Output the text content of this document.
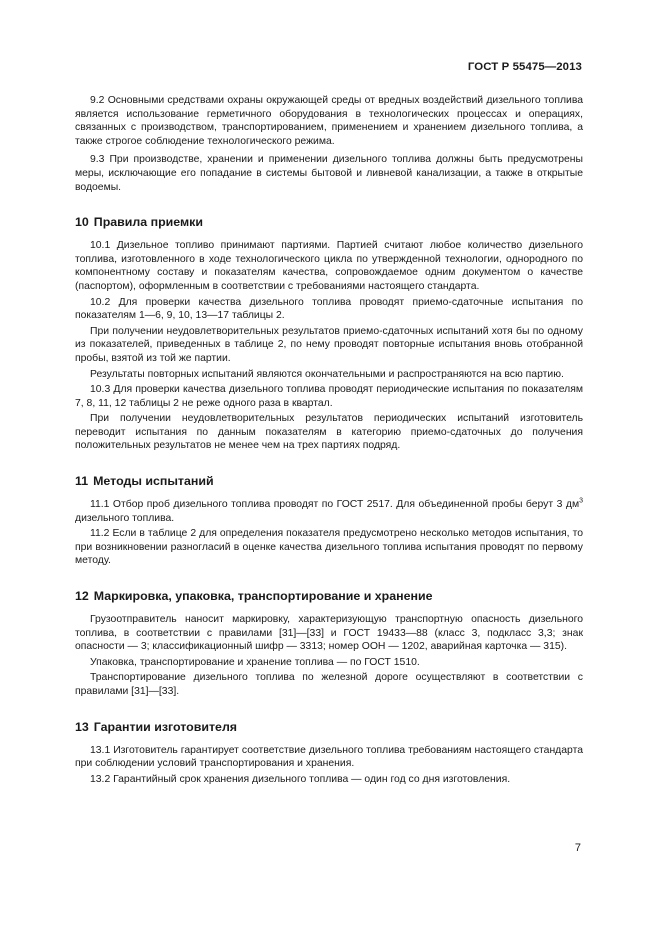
ГОСТ Р 55475—2013

9.2 Основными средствами охраны окружающей среды от вредных воздействий дизельного топлива является использование герметичного оборудования в технологических процессах и операциях, связанных с производством, транспортированием, применением и хранением дизельного топлива, а также строгое соблюдение технологического режима.

9.3 При производстве, хранении и применении дизельного топлива должны быть предусмотрены меры, исключающие его попадание в системы бытовой и ливневой канализации, а также в открытые водоемы.

10 Правила приемки

10.1 Дизельное топливо принимают партиями. Партией считают любое количество дизельного топлива, изготовленного в ходе технологического цикла по утвержденной технологии, однородного по компонентному составу и показателям качества, сопровождаемое одним документом о качестве (паспортом), оформленным в соответствии с требованиями настоящего стандарта.

10.2 Для проверки качества дизельного топлива проводят приемо-сдаточные испытания по показателям 1—6, 9, 10, 13—17 таблицы 2.

При получении неудовлетворительных результатов приемо-сдаточных испытаний хотя бы по одному из показателей, приведенных в таблице 2, по нему проводят повторные испытания вновь отобранной пробы, взятой из той же партии.

Результаты повторных испытаний являются окончательными и распространяются на всю партию.

10.3 Для проверки качества дизельного топлива проводят периодические испытания по показателям 7, 8, 11, 12 таблицы 2 не реже одного раза в квартал.

При получении неудовлетворительных результатов периодических испытаний изготовитель переводит испытания по данным показателям в категорию приемо-сдаточных до получения положительных результатов не менее чем на трех партиях подряд.

11 Методы испытаний

11.1 Отбор проб дизельного топлива проводят по ГОСТ 2517. Для объединенной пробы берут 3 $дм^3$ дизельного топлива.

11.2 Если в таблице 2 для определения показателя предусмотрено несколько методов испытания, то при возникновении разногласий в оценке качества дизельного топлива испытания проводят по первому методу.

12 Маркировка, упаковка, транспортирование и хранение

Грузоотправитель наносит маркировку, характеризующую транспортную опасность дизельного топлива, в соответствии с правилами [31]—[33] и ГОСТ 19433—88 (класс 3, подкласс 3,3; знак опасности — 3; классификационный шифр — 3313; номер ООН — 1202, аварийная карточка — 315).

Упаковка, транспортирование и хранение топлива — по ГОСТ 1510.

Транспортирование дизельного топлива по железной дороге осуществляют в соответствии с правилами [31]—[33].

13 Гарантии изготовителя

13.1 Изготовитель гарантирует соответствие дизельного топлива требованиям настоящего стандарта при соблюдении условий транспортирования и хранения.

13.2 Гарантийный срок хранения дизельного топлива — один год со дня изготовления.

7
